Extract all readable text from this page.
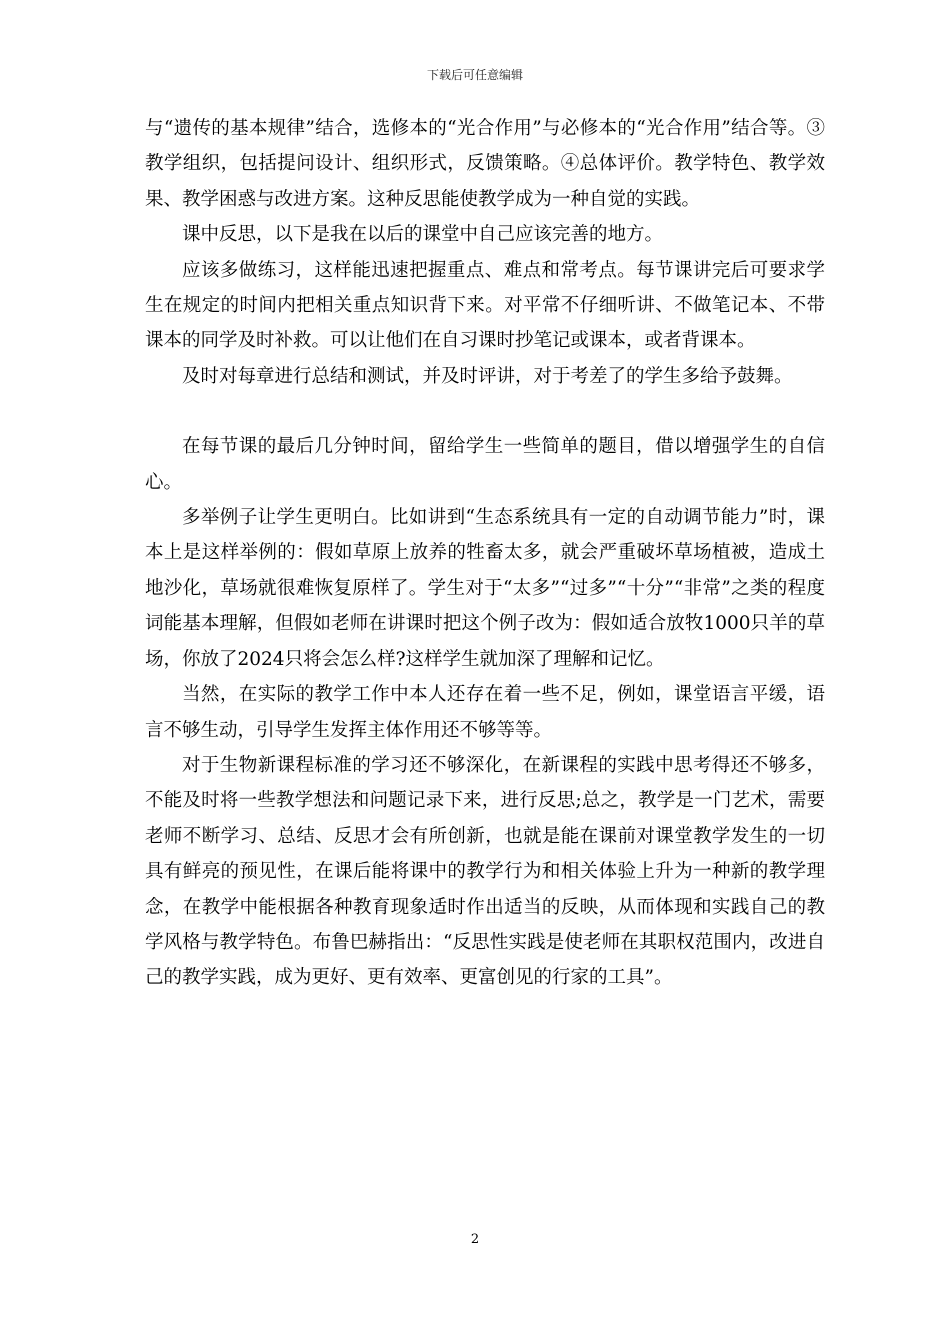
下载后可任意编辑

与“遗传的基本规律”结合，选修本的“光合作用”与必修本的“光合作用”结合等。③教学组织，包括提问设计、组织形式，反馈策略。④总体评价。教学特色、教学效果、教学困惑与改进方案。这种反思能使教学成为一种自觉的实践。

课中反思，以下是我在以后的课堂中自己应该完善的地方。

应该多做练习，这样能迅速把握重点、难点和常考点。每节课讲完后可要求学生在规定的时间内把相关重点知识背下来。对平常不仔细听讲、不做笔记本、不带课本的同学及时补救。可以让他们在自习课时抄笔记或课本，或者背课本。

及时对每章进行总结和测试，并及时评讲，对于考差了的学生多给予鼓舞。

在每节课的最后几分钟时间，留给学生一些简单的题目，借以增强学生的自信心。

多举例子让学生更明白。比如讲到“生态系统具有一定的自动调节能力”时，课本上是这样举例的：假如草原上放养的牲畜太多，就会严重破坏草场植被，造成土地沙化，草场就很难恢复原样了。学生对于“太多”“过多”“十分”“非常”之类的程度词能基本理解，但假如老师在讲课时把这个例子改为：假如适合放牧1000只羊的草场，你放了2024只将会怎么样?这样学生就加深了理解和记忆。

当然，在实际的教学工作中本人还存在着一些不足，例如，课堂语言平缓，语言不够生动，引导学生发挥主体作用还不够等等。

对于生物新课程标准的学习还不够深化，在新课程的实践中思考得还不够多，不能及时将一些教学想法和问题记录下来，进行反思;总之，教学是一门艺术，需要老师不断学习、总结、反思才会有所创新，也就是能在课前对课堂教学发生的一切具有鲜亮的预见性，在课后能将课中的教学行为和相关体验上升为一种新的教学理念，在教学中能根据各种教育现象适时作出适当的反映，从而体现和实践自己的教学风格与教学特色。布鲁巴赫指出：“反思性实践是使老师在其职权范围内，改进自己的教学实践，成为更好、更有效率、更富创见的行家的工具”。

2
